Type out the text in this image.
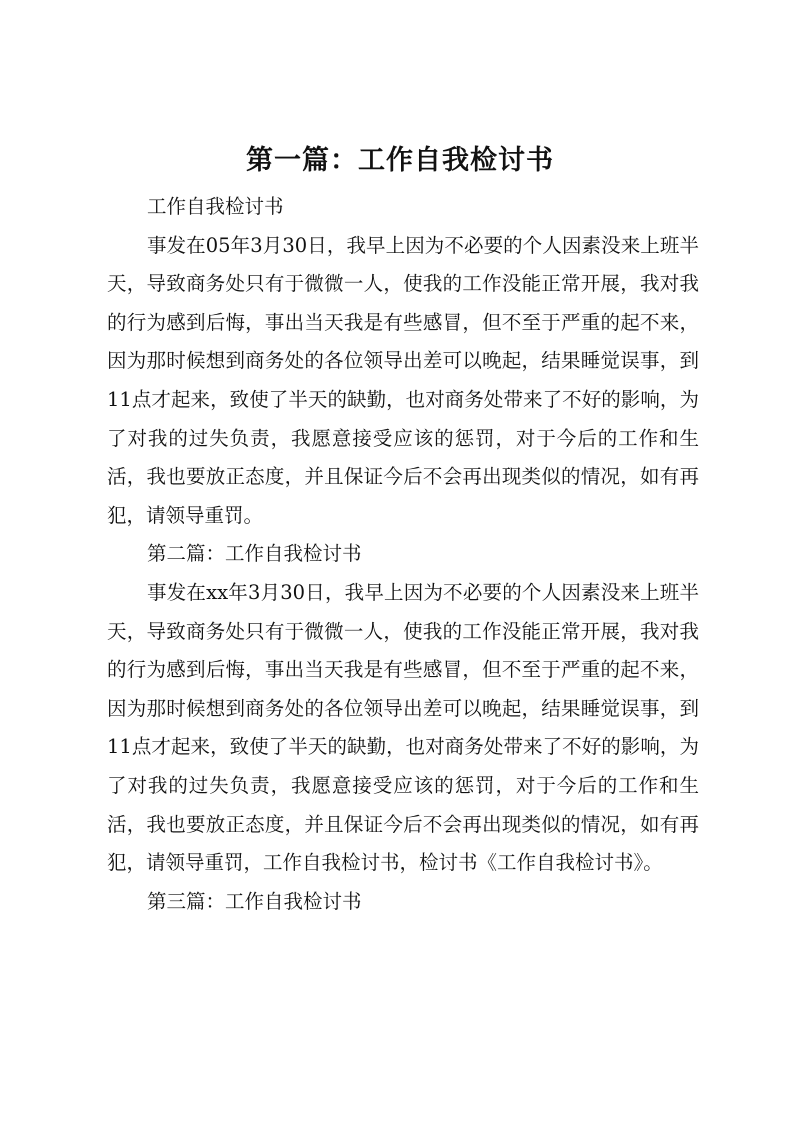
第一篇：工作自我检讨书

工作自我检讨书

事发在05年3月30日，我早上因为不必要的个人因素没来上班半天，导致商务处只有于微微一人，使我的工作没能正常开展，我对我的行为感到后悔，事出当天我是有些感冒，但不至于严重的起不来，因为那时候想到商务处的各位领导出差可以晚起，结果睡觉误事，到11点才起来，致使了半天的缺勤，也对商务处带来了不好的影响，为了对我的过失负责，我愿意接受应该的惩罚，对于今后的工作和生活，我也要放正态度，并且保证今后不会再出现类似的情况，如有再犯，请领导重罚。

第二篇：工作自我检讨书

事发在xx年3月30日，我早上因为不必要的个人因素没来上班半天，导致商务处只有于微微一人，使我的工作没能正常开展，我对我的行为感到后悔，事出当天我是有些感冒，但不至于严重的起不来，因为那时候想到商务处的各位领导出差可以晚起，结果睡觉误事，到11点才起来，致使了半天的缺勤，也对商务处带来了不好的影响，为了对我的过失负责，我愿意接受应该的惩罚，对于今后的工作和生活，我也要放正态度，并且保证今后不会再出现类似的情况，如有再犯，请领导重罚，工作自我检讨书，检讨书《工作自我检讨书》。

第三篇：工作自我检讨书
